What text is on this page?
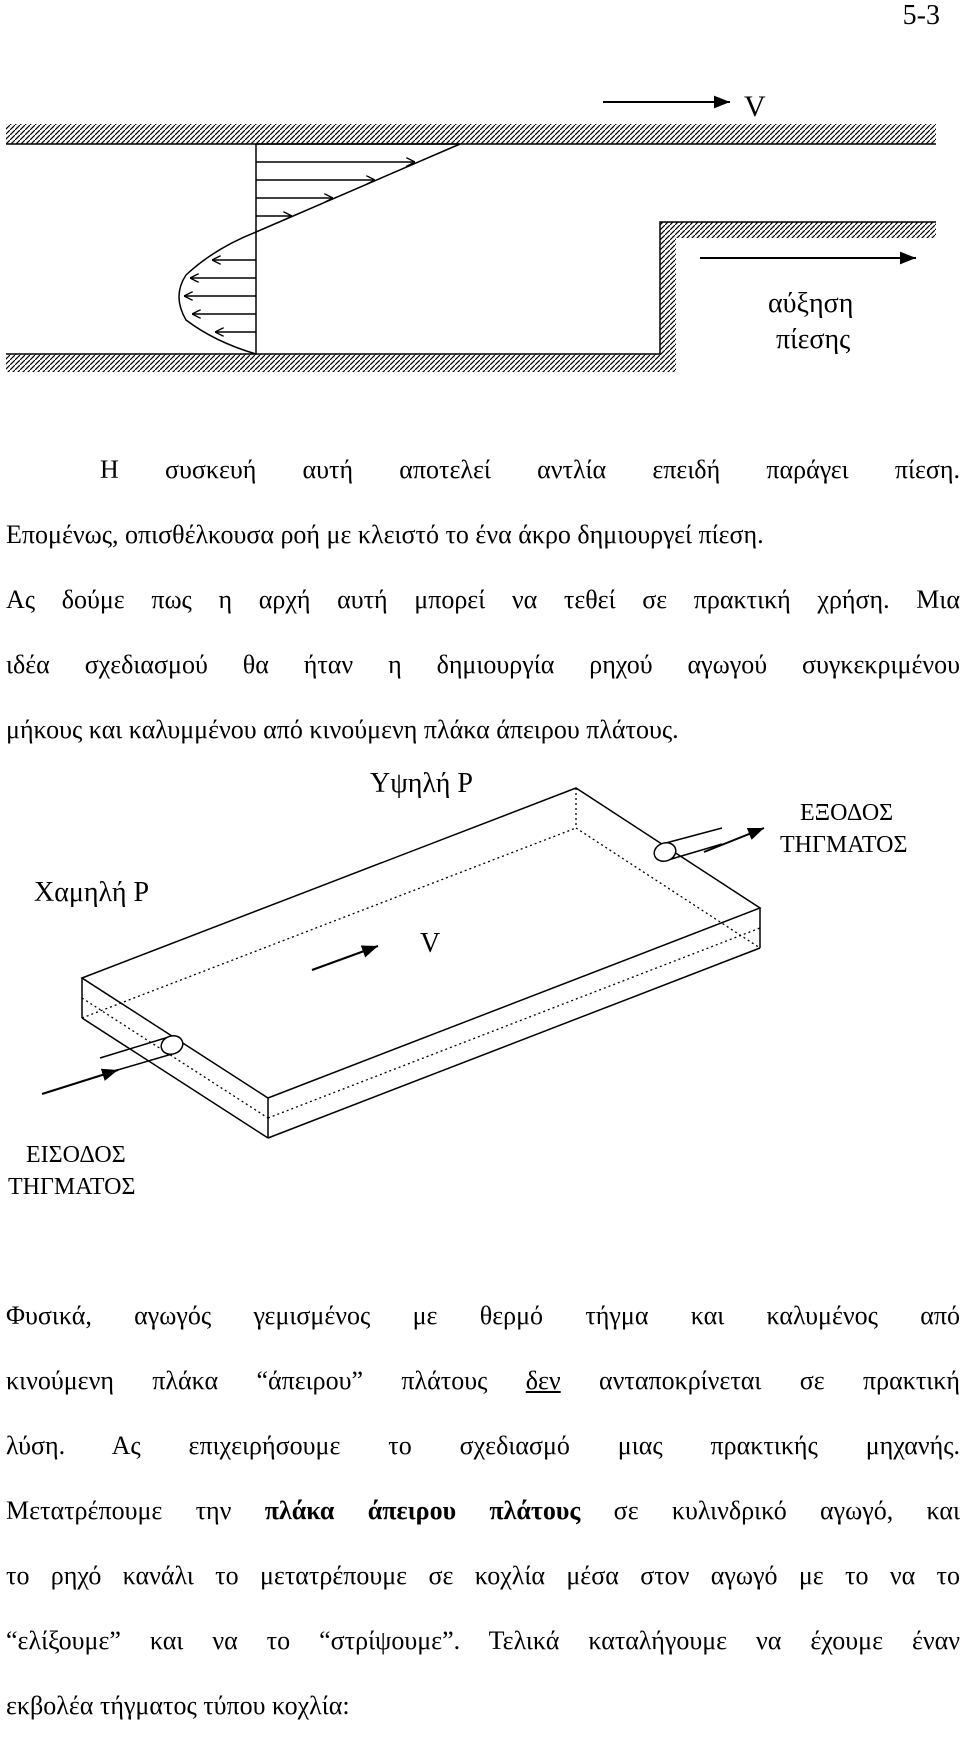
5-3
V
αύξηση
πίεσης
Η συσκευή αυτή αποτελεί αντλία επειδή παράγει πίεση.
Επομένως, οπισθέλκουσα ροή με κλειστό το ένα άκρο δημιουργεί πίεση.
Ας δούμε πως η αρχή αυτή μπορεί να τεθεί σε πρακτική χρήση. Μια
ιδέα σχεδιασμού θα ήταν η δημιουργία ρηχού αγωγού συγκεκριμένου
μήκους και καλυμμένου από κινούμενη πλάκα άπειρου πλάτους.
Υψηλή P
Χαμηλή P
ΕΞΟΔΟΣ
ΤΗΓΜΑΤΟΣ
ΕΙΣΟΔΟΣ
ΤΗΓΜΑΤΟΣ
V
Φυσικά, αγωγός γεμισμένος με θερμό τήγμα και καλυμένος από
κινούμενη πλάκα “άπειρου” πλάτους δεν ανταποκρίνεται σε πρακτική
λύση. Ας επιχειρήσουμε το σχεδιασμό μιας πρακτικής μηχανής.
Μετατρέπουμε την πλάκα άπειρου πλάτους σε κυλινδρικό αγωγό, και
το ρηχό κανάλι το μετατρέπουμε σε κοχλία μέσα στον αγωγό με το να το
“ελίξουμε” και να το “στρίψουμε”. Τελικά καταλήγουμε να έχουμε έναν
εκβολέα τήγματος τύπου κοχλία:
